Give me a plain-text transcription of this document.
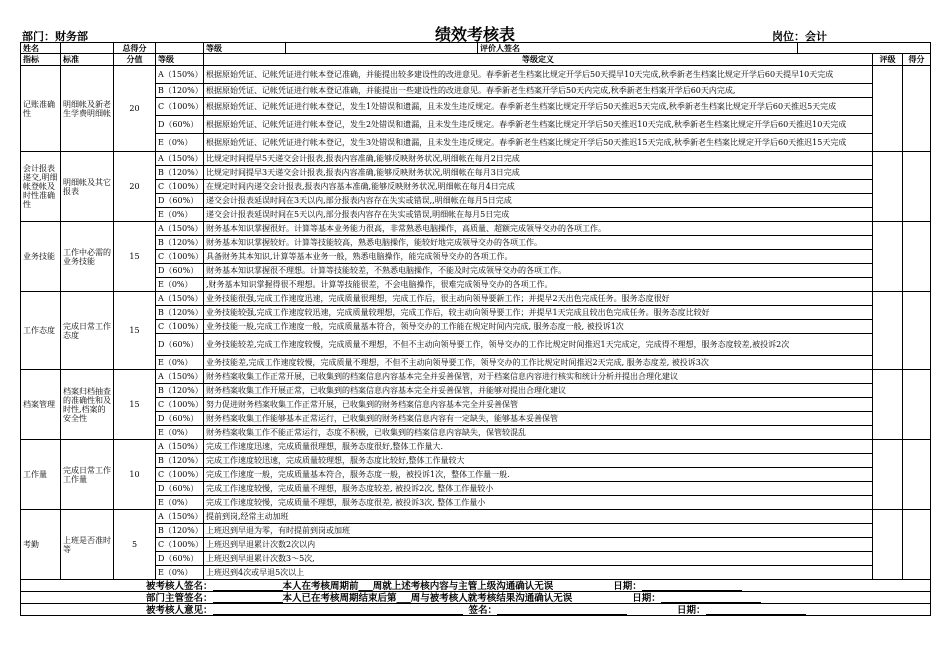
部门：财务部	绩效考核表	岗位：会计
姓名		总得分		等级		评价人签名			
指标	标准	分值	等级	等级定义				评级	得分
记账准确性	明细帐及新老生学费明细帐	20	A（150%）	根据原始凭证、记帐凭证进行帐本登记准确，并能提出较多建设性的改进意见。春季新老生档案比规定开学后50天提早10天完成,秋季新老生档案比规定开学后60天提早10天完成					
			B（120%）	根据原始凭证、记帐凭证进行帐本登记准确，并能提出一些建设性的改进意见。春季新老生档案开学后50天内完成,秋季新老生档案开学后60天内完成,					
			C（100%）	根据原始凭证、记帐凭证进行帐本登记，发生1处错误和遗漏，且未发生违反规定。春季新老生档案比规定开学后50天推迟5天完成,秋季新老生档案比规定开学后60天推迟5天完成					
			D（60%）	根据原始凭证、记帐凭证进行帐本登记，发生2处错误和遗漏，且未发生违反规定。春季新老生档案比规定开学后50天推迟10天完成,秋季新老生档案比规定开学后60天推迟10天完成					
			E（0%）	根据原始凭证、记帐凭证进行帐本登记，发生3处错误和遗漏，且未发生违反规定。春季新老生档案比规定开学后50天推迟15天完成,秋季新老生档案比规定开学后60天推迟15天完成					
会计报表递交,明细帐登帐及时性准确性	明细帐及其它报表	20	A（150%）	比规定时间提早5天递交会计报表,报表内容准确,能够反映财务状况,明细帐在每月2日完成					
			B（120%）	比规定时间提早3天递交会计报表,报表内容准确,能够反映财务状况,明细帐在每月3日完成					
			C（100%）	在规定时间内递交会计报表,报表内容基本准确,能够反映财务状况,明细帐在每月4日完成					
			D（60%）	递交会计报表延误时间在3天以内,部分报表内容存在失实或错误,,明细帐在每月5日完成					
			E（0%）	递交会计报表延误时间在5天以内,部分报表内容存在失实或错误,明细帐在每月5日完成					
业务技能	工作中必需的业务技能	15	A（150%）	财务基本知识掌握很好。计算等基本业务能力很高，非常熟悉电脑操作，高质量、超额完成领导交办的各项工作。					
			B（120%）	财务基本知识掌握较好。计算等技能较高，熟悉电脑操作，能较好地完成领导交办的各项工作。					
			C（100%）	具备财务其本知识,计算等基本业务一般，熟悉电脑操作，能完成领导交办的各项工作。					
			D（60%）	财务基本知识掌握很不理想。计算等技能较差，不熟悉电脑操作，不能及时完成领导交办的各项工作。					
			E（0%）	,财务基本知识掌握得很不理想。计算等技能很差，不会电脑操作，很难完成领导交办的各项工作。					
工作态度	完成日常工作态度	15	A（150%）	业务技能很强,完成工作速度迅速，完成质量很理想，完成工作后，很主动向领导要新工作；并提早2天出色完成任务。服务态度很好					
			B（120%）	业务技能较强,完成工作速度较迅速，完成质量较理想，完成工作后，较主动向领导要工作；并提早1天完成且较出色完成任务。服务态度比较好					
			C（100%）	业务技能一般,完成工作速度一般，完成质量基本符合，领导交办的工作能在规定时间内完成, 服务态度一般, 被投诉1次					
			D（60%）	业务技能较差,完成工作速度较慢，完成质量不理想，不但不主动向领导要工作，领导交办的工作比规定时间推迟1天完成定，完成得不理想，服务态度较差,被投诉2次					
			E（0%）	业务技能差,完成工作速度较慢，完成质量不理想，不但不主动向领导要工作，领导交办的工作比规定时间推迟2天完成, 服务态度差, 被投诉3次					
档案管理	档案归档抽查的准确性和及时性,档案的安全性	15	A（150%）	财务档案收集工作正常开展，已收集到的档案信息内容基本完全并妥善保管，对于档案信息内容进行核实和统计分析并提出合理化建议					
			B（120%）	财务档案收集工作开展正常，已收集到的档案信息内容基本完全并妥善保管，并能够对提出合理化建议					
			C（100%）	努力促进财务档案收集工作正常开展，已收集到的财务档案信息内容基本完全并妥善保管					
			D（60%）	财务档案收集工作能够基本正常运行，已收集到的财务档案信息内容有一定缺失，能够基本妥善保管					
			E（0%）	财务档案收集工作不能正常运行，态度不积极，已收集到的档案信息内容缺失，保管较混乱					
工作量	完成日常工作工作量	10	A（150%）	完成工作速度迅速，完成质量很理想，服务态度很好,整体工作量大.					
			B（120%）	完成工作速度较迅速，完成质量较理想，服务态度比较好,整体工作量较大					
			C（100%）	完成工作速度一般，完成质量基本符合，服务态度一般，被投诉1次，整体工作量一般.					
			D（60%）	完成工作速度较慢，完成质量不理想，服务态度较差, 被投诉2次, 整体工作量较小					
			E（0%）	完成工作速度较慢，完成质量不理想，服务态度很差, 被投诉3次, 整体工作量小					
考勤	上班是否准时等	5	A（150%）	提前到岗,经常主动加班					
			B（120%）	上班迟到早退为零，有时提前到岗或加班					
			C（100%）	上班迟到早退累计次数2次以内					
			D（60%）	上班迟到早退累计次数3～5次,					
			E（0%）	上班迟到4次或早退5次以上					
被考核人签名： 本人在考核周期前___周就上述考核内容与主管上级沟通确认无误 日期：									
部门主管签名： 本人已在考核周期结束后第___周与被考核人就考核结果沟通确认无误 日期：									
被考核人意见： 签名： 日期：									
